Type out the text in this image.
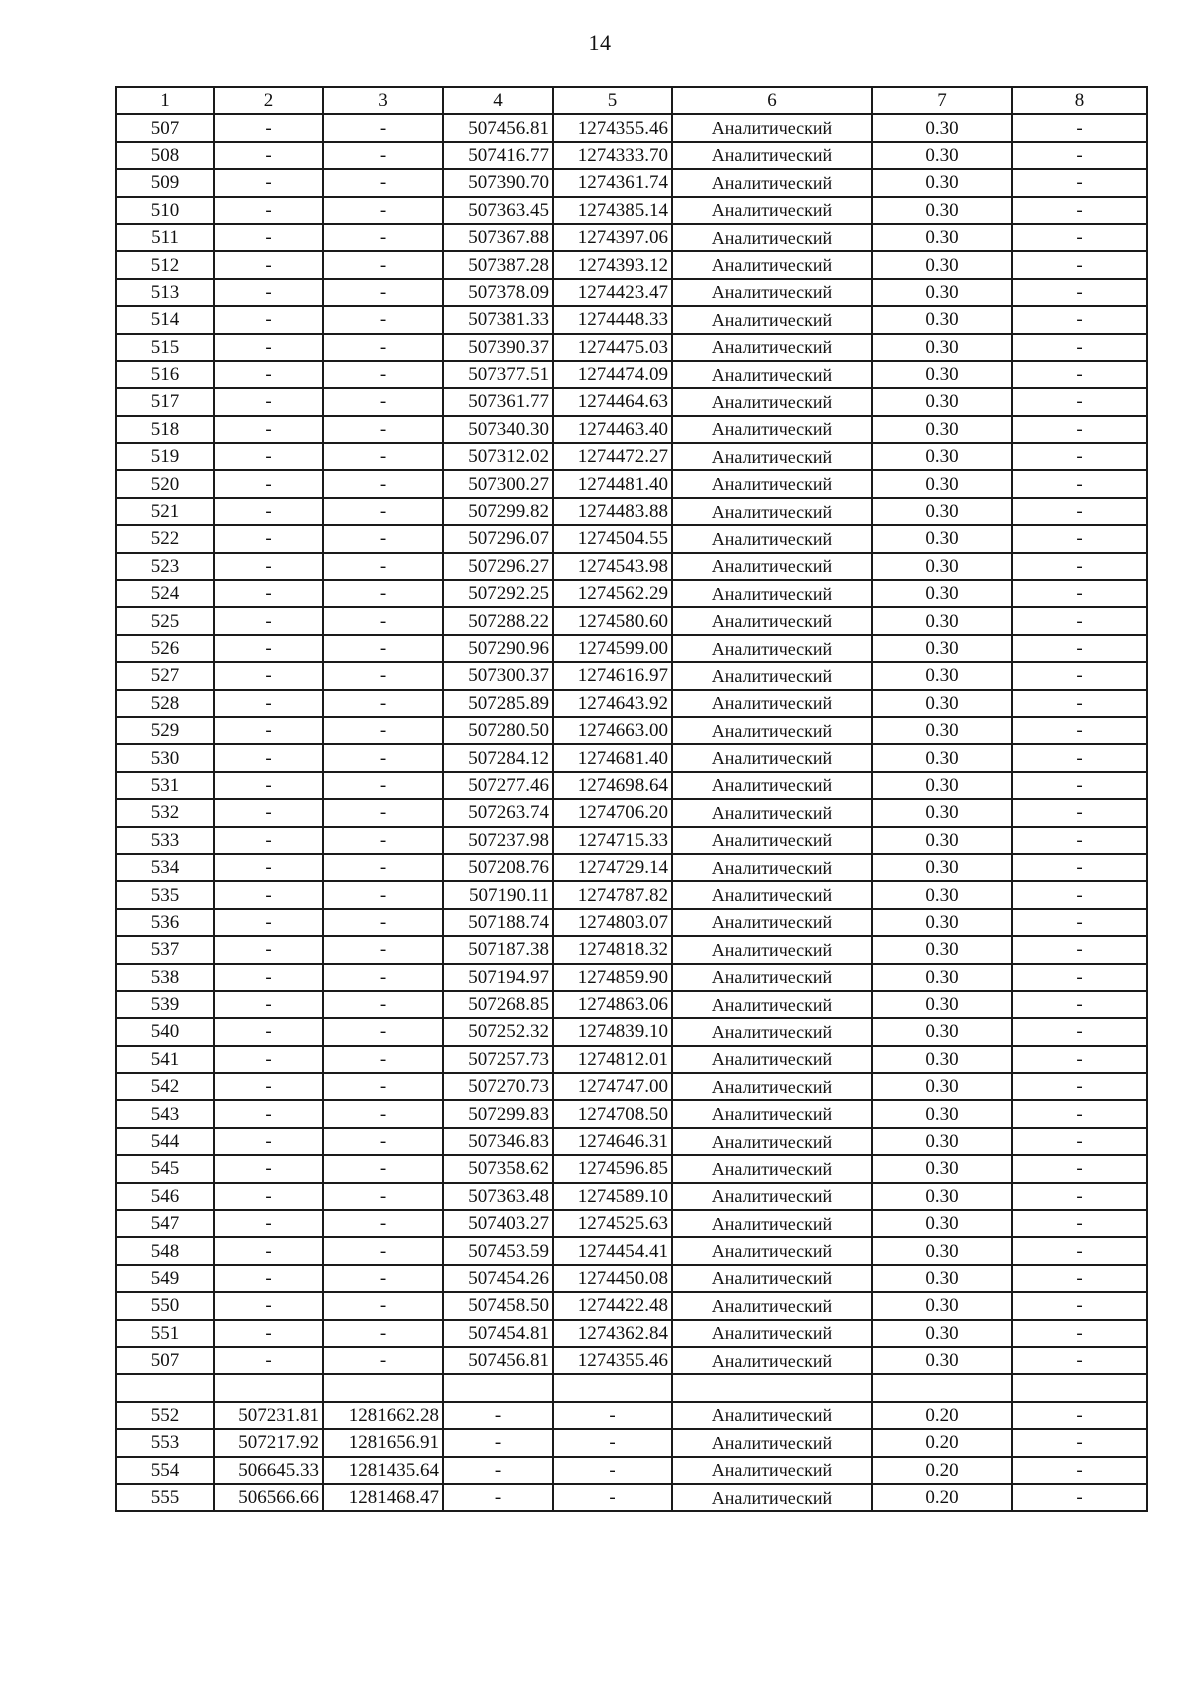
14
1	2	3	4	5	6	7	8
507	-	-	507456.81	1274355.46	Аналитический	0.30	-
508	-	-	507416.77	1274333.70	Аналитический	0.30	-
509	-	-	507390.70	1274361.74	Аналитический	0.30	-
510	-	-	507363.45	1274385.14	Аналитический	0.30	-
511	-	-	507367.88	1274397.06	Аналитический	0.30	-
512	-	-	507387.28	1274393.12	Аналитический	0.30	-
513	-	-	507378.09	1274423.47	Аналитический	0.30	-
514	-	-	507381.33	1274448.33	Аналитический	0.30	-
515	-	-	507390.37	1274475.03	Аналитический	0.30	-
516	-	-	507377.51	1274474.09	Аналитический	0.30	-
517	-	-	507361.77	1274464.63	Аналитический	0.30	-
518	-	-	507340.30	1274463.40	Аналитический	0.30	-
519	-	-	507312.02	1274472.27	Аналитический	0.30	-
520	-	-	507300.27	1274481.40	Аналитический	0.30	-
521	-	-	507299.82	1274483.88	Аналитический	0.30	-
522	-	-	507296.07	1274504.55	Аналитический	0.30	-
523	-	-	507296.27	1274543.98	Аналитический	0.30	-
524	-	-	507292.25	1274562.29	Аналитический	0.30	-
525	-	-	507288.22	1274580.60	Аналитический	0.30	-
526	-	-	507290.96	1274599.00	Аналитический	0.30	-
527	-	-	507300.37	1274616.97	Аналитический	0.30	-
528	-	-	507285.89	1274643.92	Аналитический	0.30	-
529	-	-	507280.50	1274663.00	Аналитический	0.30	-
530	-	-	507284.12	1274681.40	Аналитический	0.30	-
531	-	-	507277.46	1274698.64	Аналитический	0.30	-
532	-	-	507263.74	1274706.20	Аналитический	0.30	-
533	-	-	507237.98	1274715.33	Аналитический	0.30	-
534	-	-	507208.76	1274729.14	Аналитический	0.30	-
535	-	-	507190.11	1274787.82	Аналитический	0.30	-
536	-	-	507188.74	1274803.07	Аналитический	0.30	-
537	-	-	507187.38	1274818.32	Аналитический	0.30	-
538	-	-	507194.97	1274859.90	Аналитический	0.30	-
539	-	-	507268.85	1274863.06	Аналитический	0.30	-
540	-	-	507252.32	1274839.10	Аналитический	0.30	-
541	-	-	507257.73	1274812.01	Аналитический	0.30	-
542	-	-	507270.73	1274747.00	Аналитический	0.30	-
543	-	-	507299.83	1274708.50	Аналитический	0.30	-
544	-	-	507346.83	1274646.31	Аналитический	0.30	-
545	-	-	507358.62	1274596.85	Аналитический	0.30	-
546	-	-	507363.48	1274589.10	Аналитический	0.30	-
547	-	-	507403.27	1274525.63	Аналитический	0.30	-
548	-	-	507453.59	1274454.41	Аналитический	0.30	-
549	-	-	507454.26	1274450.08	Аналитический	0.30	-
550	-	-	507458.50	1274422.48	Аналитический	0.30	-
551	-	-	507454.81	1274362.84	Аналитический	0.30	-
507	-	-	507456.81	1274355.46	Аналитический	0.30	-

552	507231.81	1281662.28	-	-	Аналитический	0.20	-
553	507217.92	1281656.91	-	-	Аналитический	0.20	-
554	506645.33	1281435.64	-	-	Аналитический	0.20	-
555	506566.66	1281468.47	-	-	Аналитический	0.20	-
